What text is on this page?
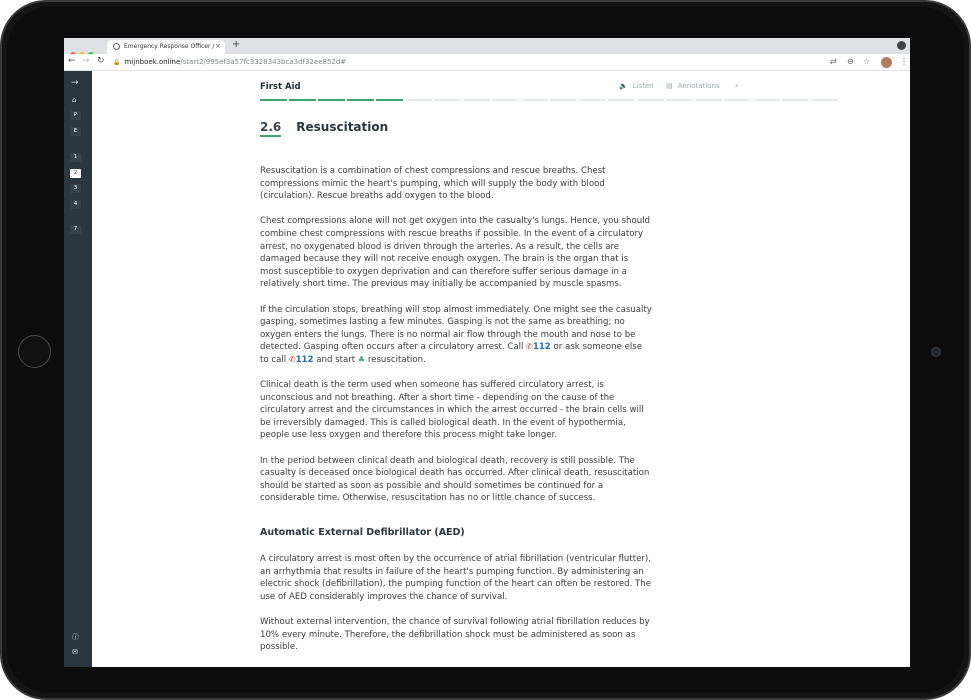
Emergency Response Officer / × +
← → ↻ 🔒 mijnboek.online/start2/995ef3a57fc3328343bca3df32ee852d#	⇄ ⊖ ☆	⋮
→
⌂
P
E
1
2
3
4
7
ⓘ
✉
First Aid	🔈 Listen ▤ Annotations ⌕
2.6 Resuscitation

Resuscitation is a combination of chest compressions and rescue breaths. Chest compressions mimic the heart's pumping, which will supply the body with blood (circulation). Rescue breaths add oxygen to the blood.

Chest compressions alone will not get oxygen into the casualty's lungs. Hence, you should combine chest compressions with rescue breaths if possible. In the event of a circulatory arrest, no oxygenated blood is driven through the arteries. As a result, the cells are damaged because they will not receive enough oxygen. The brain is the organ that is most susceptible to oxygen deprivation and can therefore suffer serious damage in a relatively short time. The previous may initially be accompanied by muscle spasms.

If the circulation stops, breathing will stop almost immediately. One might see the casualty gasping, sometimes lasting a few minutes. Gasping is not the same as breathing; no oxygen enters the lungs. There is no normal air flow through the mouth and nose to be detected. Gasping often occurs after a circulatory arrest. Call ✆112 or ask someone else to call ✆112 and start ♣ resuscitation.

Clinical death is the term used when someone has suffered circulatory arrest, is unconscious and not breathing. After a short time - depending on the cause of the circulatory arrest and the circumstances in which the arrest occurred - the brain cells will be irreversibly damaged. This is called biological death. In the event of hypothermia, people use less oxygen and therefore this process might take longer.

In the period between clinical death and biological death, recovery is still possible. The casualty is deceased once biological death has occurred. After clinical death, resuscitation should be started as soon as possible and should sometimes be continued for a considerable time. Otherwise, resuscitation has no or little chance of success.

Automatic External Defibrillator (AED)

A circulatory arrest is most often by the occurrence of atrial fibrillation (ventricular flutter), an arrhythmia that results in failure of the heart's pumping function. By administering an electric shock (defibrillation), the pumping function of the heart can often be restored. The use of AED considerably improves the chance of survival.

Without external intervention, the chance of survival following atrial fibrillation reduces by 10% every minute. Therefore, the defibrillation shock must be administered as soon as possible.
